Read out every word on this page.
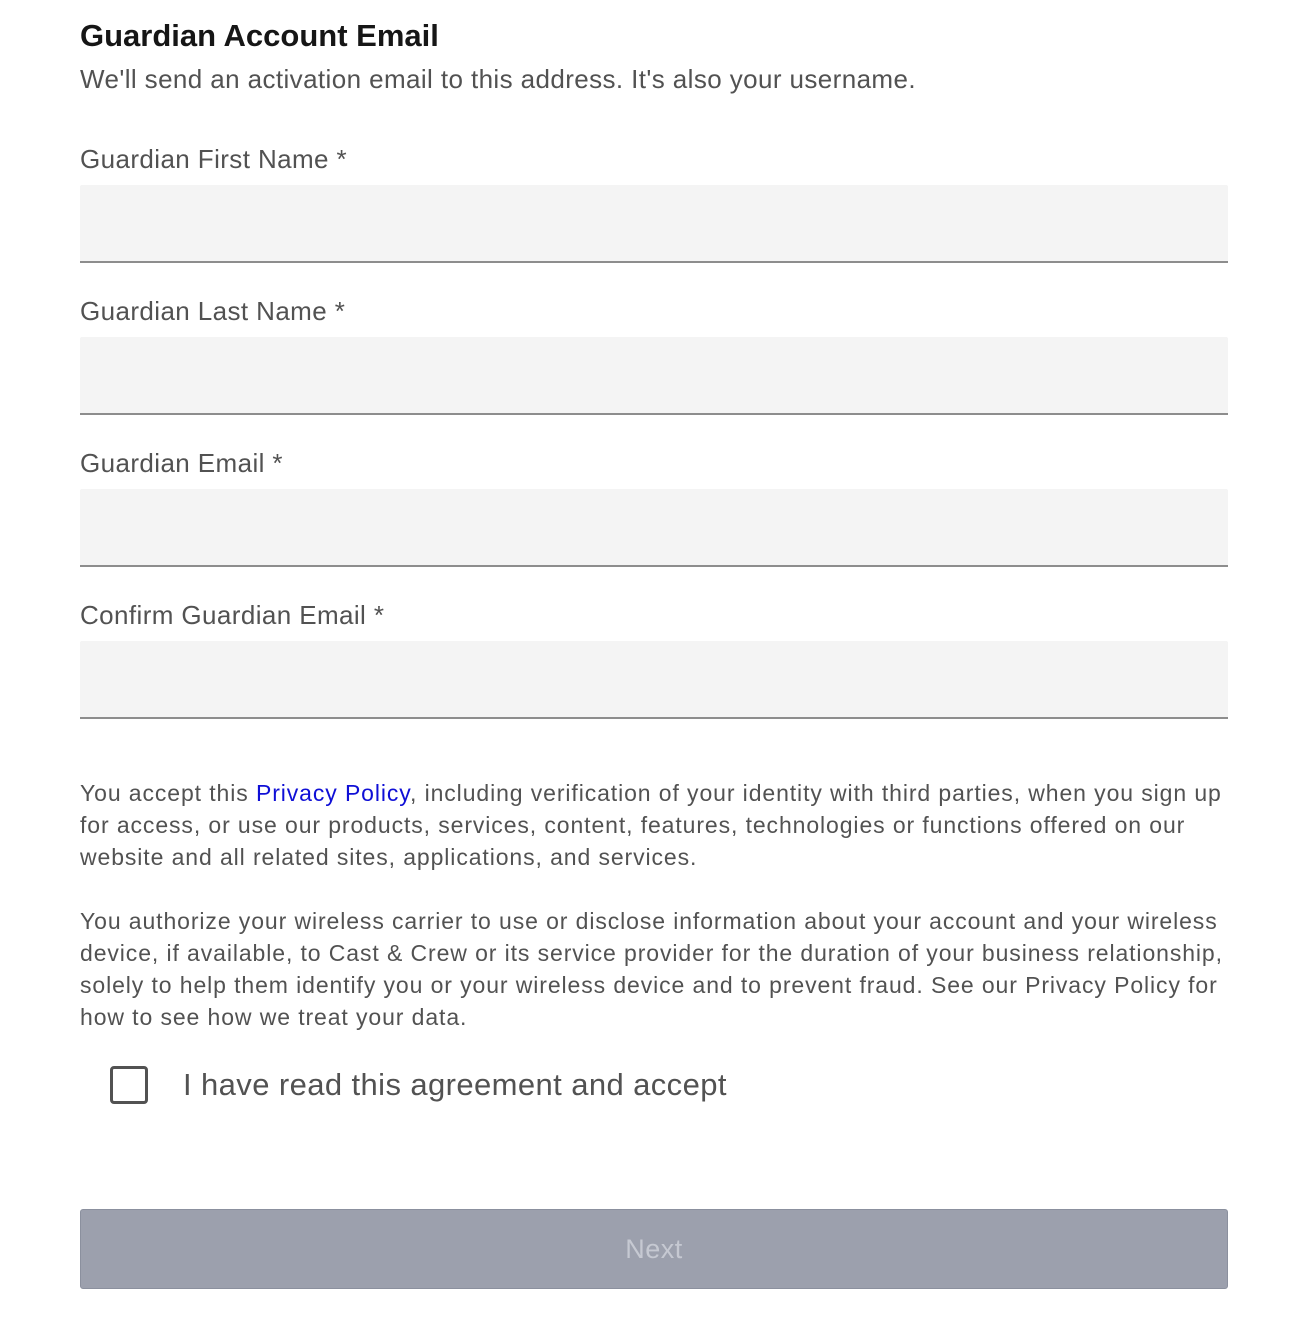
Guardian Account Email

We'll send an activation email to this address. It's also your username.

Guardian First Name *
Guardian Last Name *
Guardian Email *
Confirm Guardian Email *

You accept this Privacy Policy, including verification of your identity with third parties, when you sign up for access, or use our products, services, content, features, technologies or functions offered on our website and all related sites, applications, and services.

You authorize your wireless carrier to use or disclose information about your account and your wireless device, if available, to Cast & Crew or its service provider for the duration of your business relationship, solely to help them identify you or your wireless device and to prevent fraud. See our Privacy Policy for how to see how we treat your data.

I have read this agreement and accept
Next
